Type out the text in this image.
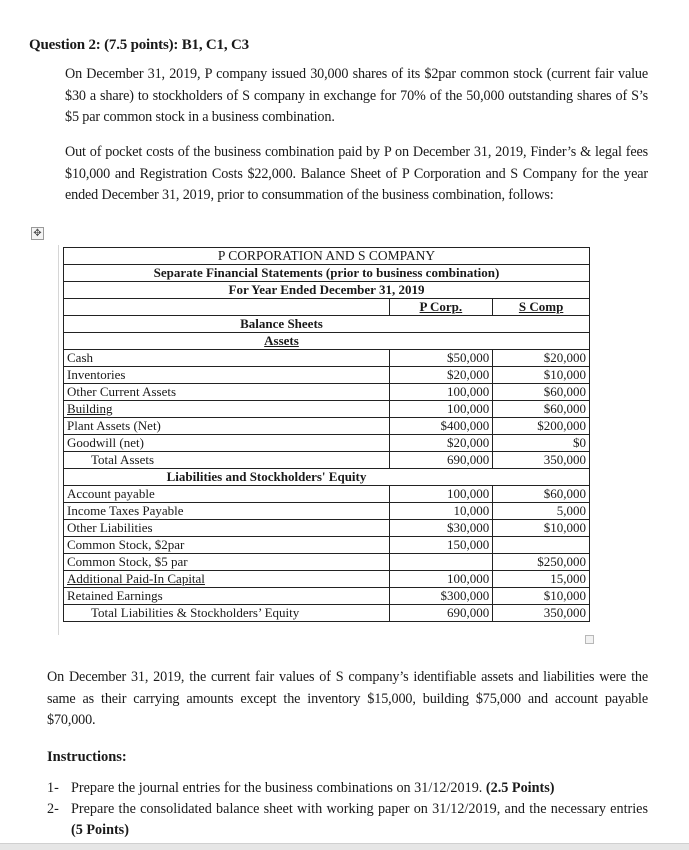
Question 2: (7.5 points): B1, C1, C3
On December 31, 2019, P company issued 30,000 shares of its $2par common stock (current fair value $30 a share) to stockholders of S company in exchange for 70% of the 50,000 outstanding shares of S’s $5 par common stock in a business combination.
Out of pocket costs of the business combination paid by P on December 31, 2019, Finder’s & legal fees $10,000 and Registration Costs $22,000. Balance Sheet of P Corporation and S Company for the year ended December 31, 2019, prior to consummation of the business combination, follows:
✥
P CORPORATION AND S COMPANY		
Separate Financial Statements (prior to business combination)		
For Year Ended December 31, 2019		
	P Corp.	S Comp
Balance Sheets		
Assets		
Cash	$50,000	$20,000
Inventories	$20,000	$10,000
Other Current Assets	100,000	$60,000
Building	100,000	$60,000
Plant Assets (Net)	$400,000	$200,000
Goodwill (net)	$20,000	$0
Total Assets	690,000	350,000
Liabilities and Stockholders' Equity		
Account payable	100,000	$60,000
Income Taxes Payable	10,000	5,000
Other Liabilities	$30,000	$10,000
Common Stock, $2par	150,000	
Common Stock, $5 par		$250,000
Additional Paid-In Capital	100,000	15,000
Retained Earnings	$300,000	$10,000
Total Liabilities & Stockholders’ Equity	690,000	350,000
On December 31, 2019, the current fair values of S company’s identifiable assets and liabilities were the same as their carrying amounts except the inventory $15,000, building $75,000 and account payable $70,000.
Instructions:
1- Prepare the journal entries for the business combinations on 31/12/2019. (2.5 Points)
2- Prepare the consolidated balance sheet with working paper on 31/12/2019, and the necessary entries (5 Points)
